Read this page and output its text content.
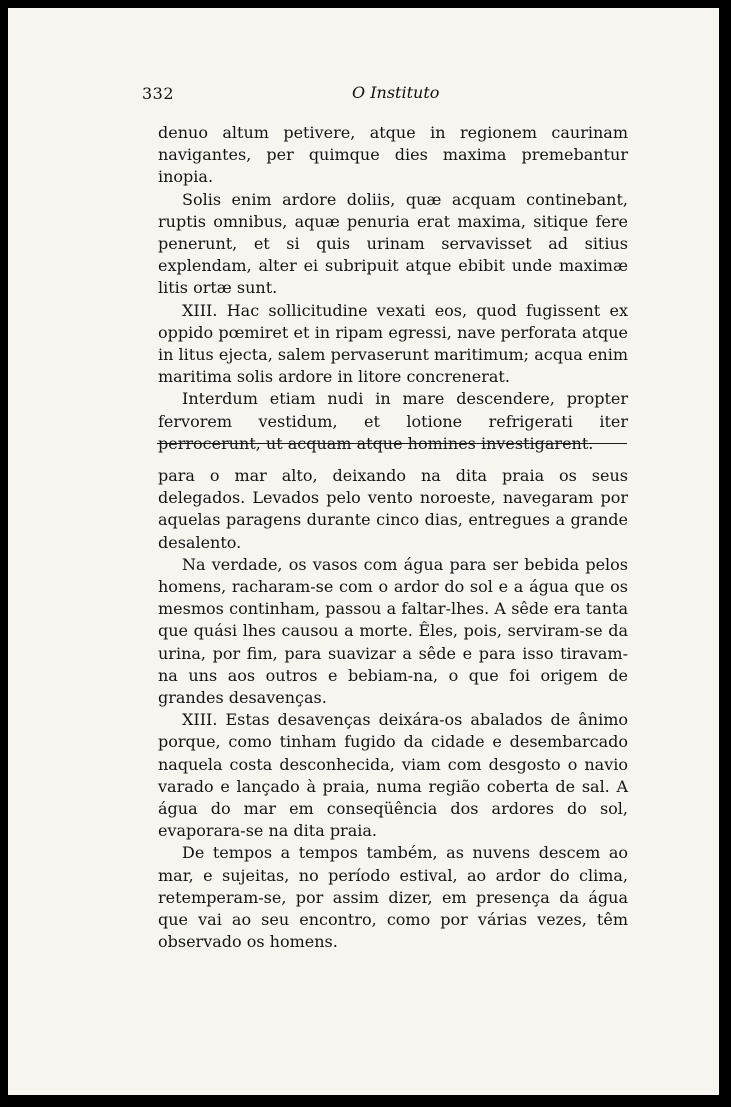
332	O Instituto

denuo altum petivere, atque in regionem caurinam navigantes, per quimque dies maxima premebantur inopia.

Solis enim ardore doliis, quæ acquam continebant, ruptis omnibus, aquæ penuria erat maxima, sitique fere penerunt, et si quis urinam servavisset ad sitius explendam, alter ei subripuit atque ebibit unde maximæ litis ortæ sunt.

XIII. Hac sollicitudine vexati eos, quod fugissent ex oppido pœmiret et in ripam egressi, nave perforata atque in litus ejecta, salem pervaserunt maritimum; acqua enim maritima solis ardore in litore concrenerat.

Interdum etiam nudi in mare descendere, propter fervorem vestidum, et lotione refrigerati iter perrocerunt, ut acquam atque homines investigarent.

para o mar alto, deixando na dita praia os seus delegados. Levados pelo vento noroeste, navegaram por aquelas paragens durante cinco dias, entregues a grande desalento.

Na verdade, os vasos com água para ser bebida pelos homens, racharam-se com o ardor do sol e a água que os mesmos continham, passou a faltar-lhes. A sêde era tanta que quási lhes causou a morte. Êles, pois, serviram-se da urina, por fim, para suavizar a sêde e para isso tiravam-na uns aos outros e bebiam-na, o que foi origem de grandes desavenças.

XIII. Estas desavenças deixára-os abalados de ânimo porque, como tinham fugido da cidade e desembarcado naquela costa desconhecida, viam com desgosto o navio varado e lançado à praia, numa região coberta de sal. A água do mar em conseqüência dos ardores do sol, evaporara-se na dita praia.

De tempos a tempos também, as nuvens descem ao mar, e sujeitas, no período estival, ao ardor do clima, retemperam-se, por assim dizer, em presença da água que vai ao seu encontro, como por várias vezes, têm observado os homens.
